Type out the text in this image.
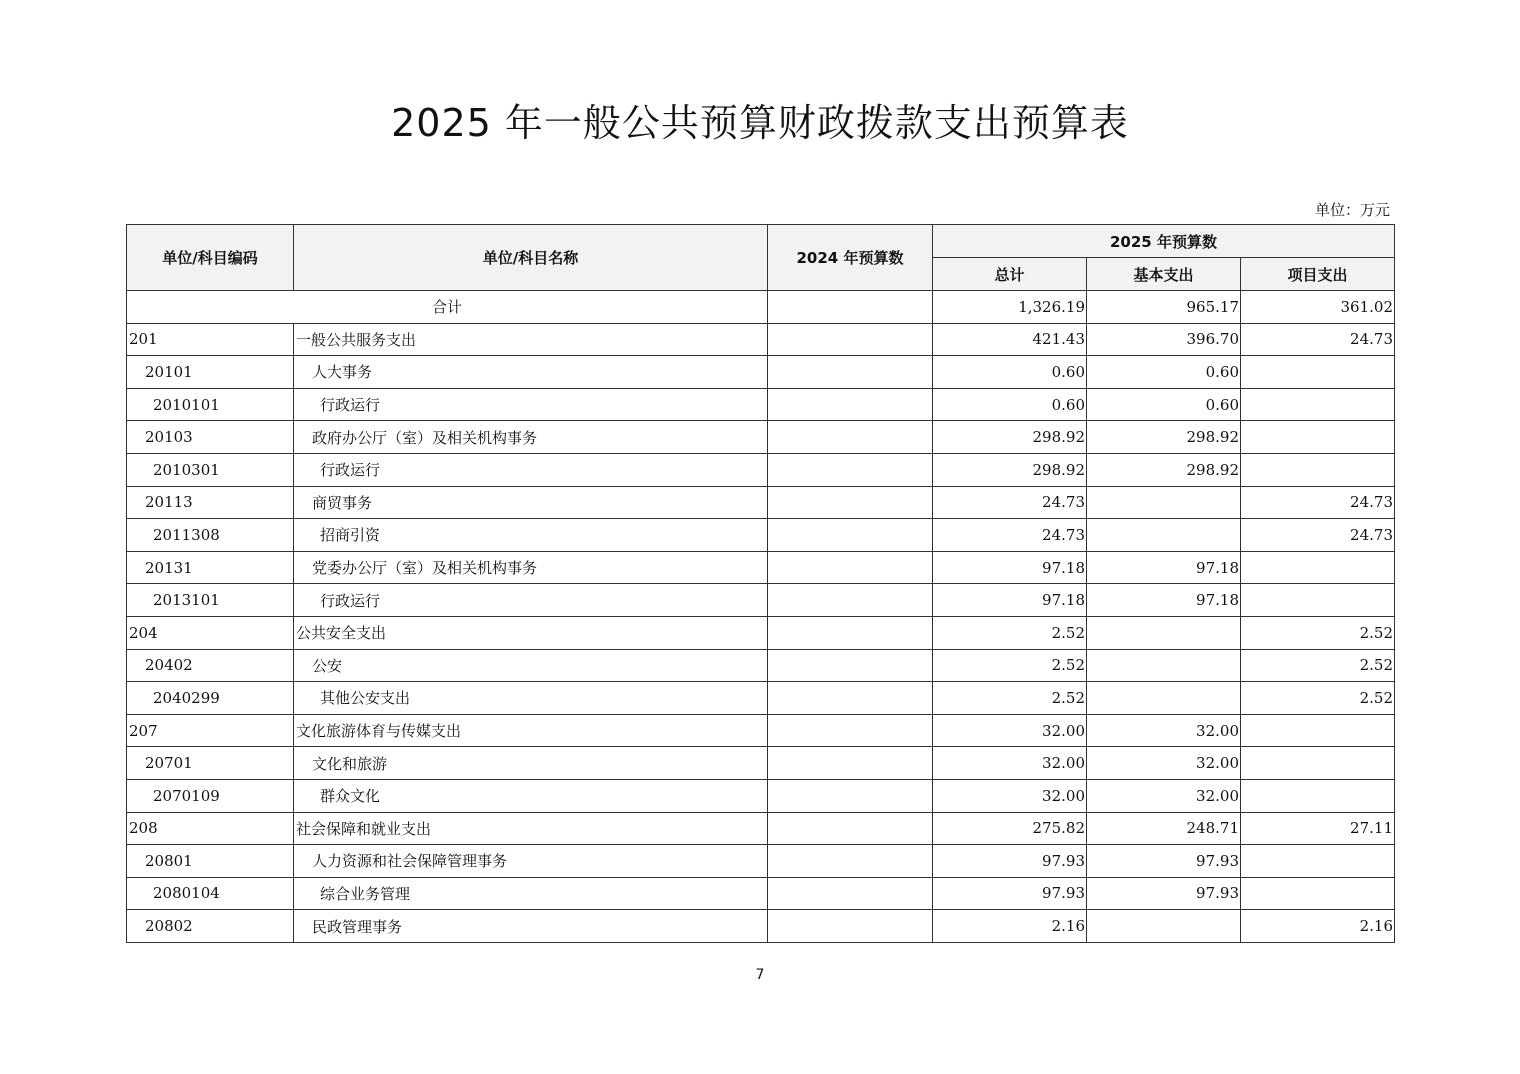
2025 年一般公共预算财政拨款支出预算表
单位：万元
单位/科目编码	单位/科目名称	2024 年预算数	2025 年预算数		
			总计	基本支出	项目支出
合计			1,326.19	965.17	361.02
201	一般公共服务支出		421.43	396.70	24.73
20101	人大事务		0.60	0.60	
2010101	行政运行		0.60	0.60	
20103	政府办公厅（室）及相关机构事务		298.92	298.92	
2010301	行政运行		298.92	298.92	
20113	商贸事务		24.73		24.73
2011308	招商引资		24.73		24.73
20131	党委办公厅（室）及相关机构事务		97.18	97.18	
2013101	行政运行		97.18	97.18	
204	公共安全支出		2.52		2.52
20402	公安		2.52		2.52
2040299	其他公安支出		2.52		2.52
207	文化旅游体育与传媒支出		32.00	32.00	
20701	文化和旅游		32.00	32.00	
2070109	群众文化		32.00	32.00	
208	社会保障和就业支出		275.82	248.71	27.11
20801	人力资源和社会保障管理事务		97.93	97.93	
2080104	综合业务管理		97.93	97.93	
20802	民政管理事务		2.16		2.16
7
